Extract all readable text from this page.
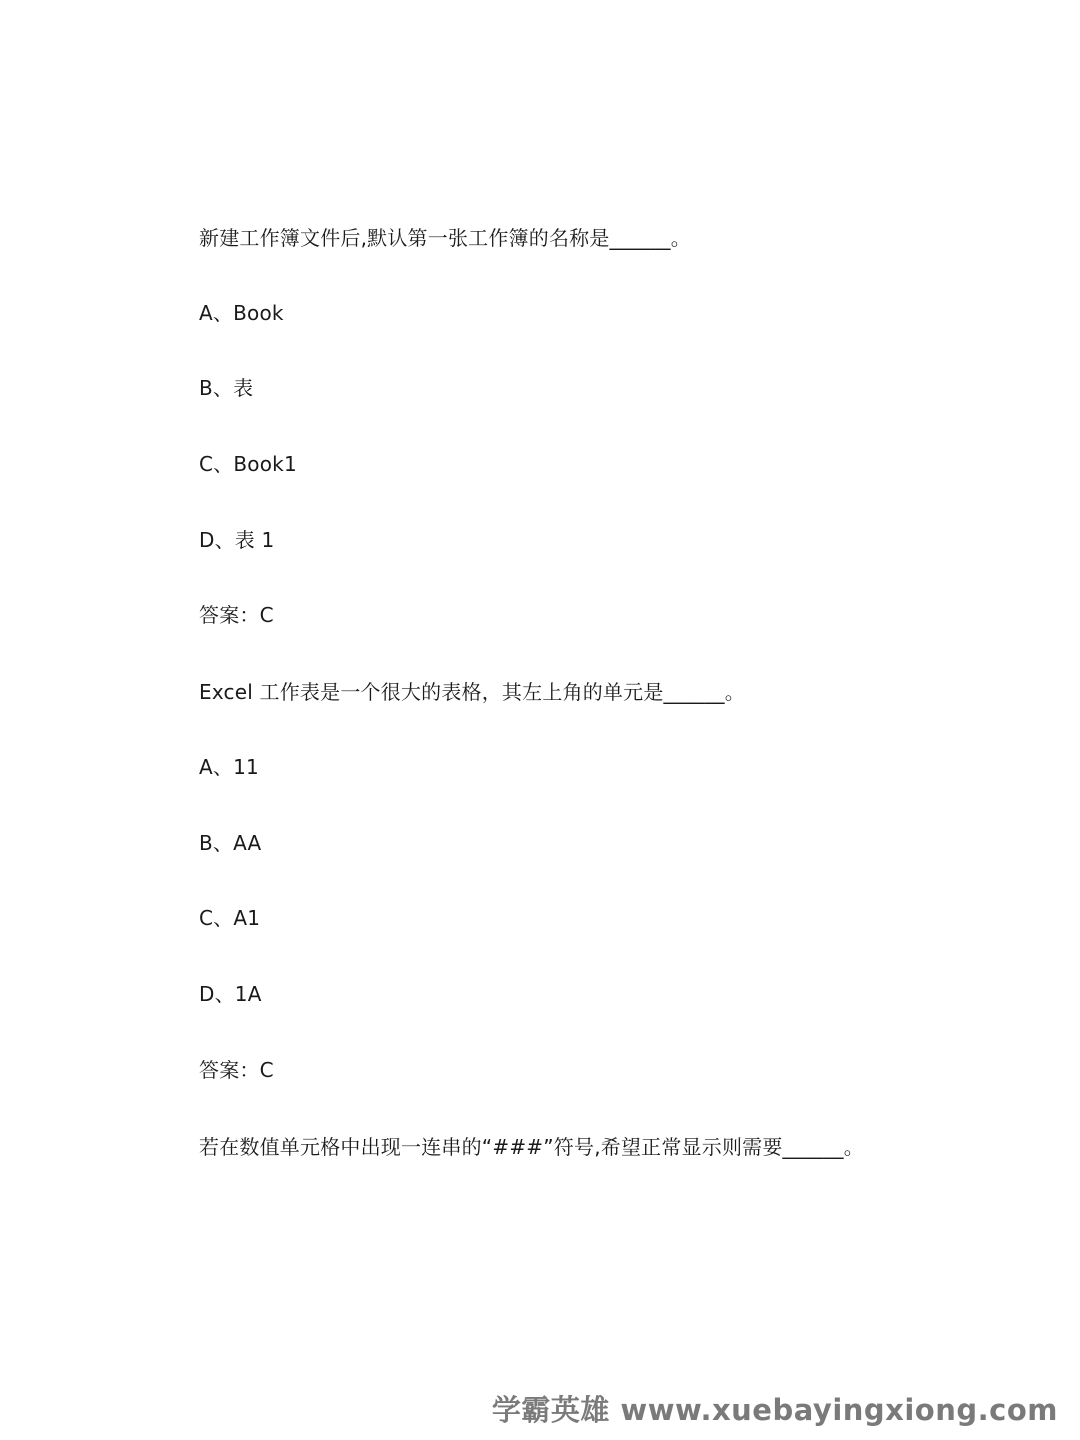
新建工作簿文件后,默认第一张工作簿的名称是______。
A、Book
B、表
C、Book1
D、表 1
答案：C
Excel 工作表是一个很大的表格，其左上角的单元是______。
A、11
B、AA
C、A1
D、1A
答案：C
若在数值单元格中出现一连串的“###”符号,希望正常显示则需要______。
学霸英雄 www.xuebayingxiong.com
